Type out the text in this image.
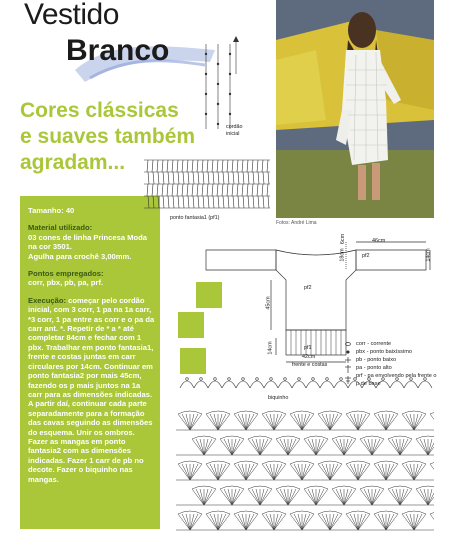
Vestido
Branco
Cores clássicas
e suaves também
agradam...
Fotos: André Lima
Tamanho: 40
Material utilizado:
03 cones de linha Princesa Moda na cor 3501.
Agulha para crochê 3,00mm.
Pontos empregados:
corr, pbx, pb, pa, prf.
Execução: começar pelo cordão inicial, com 3 corr, 1 pa na 1a carr, *3 corr, 1 pa entre as corr e o pa da carr ant. *. Repetir de * a * até completar 84cm e fechar com 1 pbx. Trabalhar em ponto fantasia1, frente e costas juntas em carr circulares por 14cm. Continuar em ponto fantasia2 por mais 45cm, fazendo os p mais juntos na 1a carr para as dimensões indicadas. A partir daí, continuar cada parte separadamente para a formação das cavas seguindo as dimensões do esquema. Unir os ombros. Fazer as mangas em ponto fantasia2 com as dimensões indicadas. Fazer 1 carr de pb no decote. Fazer o biquinho nas mangas.
cordão
inicial
ponto fantasia1 (pf1)
46cm
18cm
6cm
14cm
pf2
pf2
45cm
14cm	pf1
42cm
frente e costas
corr - corrente
pbx - ponto baixíssimo
pb - ponto baixo
pa - ponto alto
prf - pa envolvendo pela frente o p de base
biquinho
